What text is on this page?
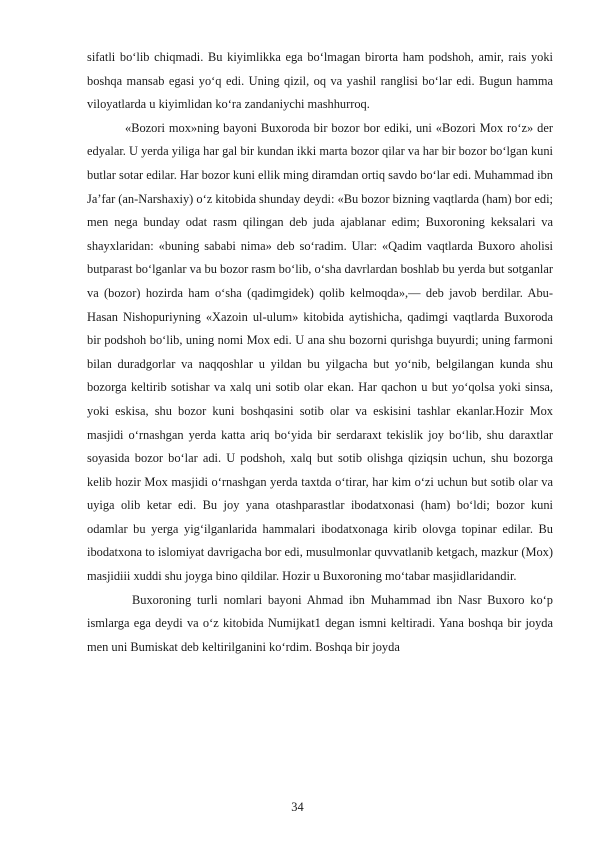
sifatli bo‘lib chiqmadi. Bu kiyimlikka ega bo‘lmagan birorta ham podshoh, amir, rais yoki boshqa mansab egasi yo‘q edi. Uning qizil, oq va yashil ranglisi bo‘lar edi. Bugun hamma viloyatlarda u kiyimlidan ko‘ra zandaniychi mashhurroq.

«Bozori mox»ning bayoni Buxoroda bir bozor bor ediki, uni «Bozori Mox ro‘z» der edyalar. U yerda yiliga har gal bir kundan ikki marta bozor qilar va har bir bozor bo‘lgan kuni butlar sotar edilar. Har bozor kuni ellik ming diramdan ortiq savdo bo‘lar edi. Muhammad ibn Ja’far (an-Narshaxiy) o‘z kitobida shunday deydi: «Bu bozor bizning vaqtlarda (ham) bor edi; men nega bunday odat rasm qilingan deb juda ajablanar edim; Buxoroning keksalari va shayxlaridan: «buning sababi nima» deb so‘radim. Ular: «Qadim vaqtlarda Buxoro aholisi butparast bo‘lganlar va bu bozor rasm bo‘lib, o‘sha davrlardan boshlab bu yerda but sotganlar va (bozor) hozirda ham o‘sha (qadimgidek) qolib kelmoqda»,— deb javob berdilar. Abu-Hasan Nishopuriyning «Xazoin ul-ulum» kitobida aytishicha, qadimgi vaqtlarda Buxoroda bir podshoh bo‘lib, uning nomi Mox edi. U ana shu bozorni qurishga buyurdi; uning farmoni bilan duradgorlar va naqqoshlar u yildan bu yilgacha but yo‘nib, belgilangan kunda shu bozorga keltirib sotishar va xalq uni sotib olar ekan. Har qachon u but yo‘qolsa yoki sinsa, yoki eskisa, shu bozor kuni boshqasini sotib olar va eskisini tashlar ekanlar.Hozir Mox masjidi o‘rnashgan yerda katta ariq bo‘yida bir serdaraxt tekislik joy bo‘lib, shu daraxtlar soyasida bozor bo‘lar adi. U podshoh, xalq but sotib olishga qiziqsin uchun, shu bozorga kelib hozir Mox masjidi o‘rnashgan yerda taxtda o‘tirar, har kim o‘zi uchun but sotib olar va uyiga olib ketar edi. Bu joy yana otashparastlar ibodatxonasi (ham) bo‘ldi; bozor kuni odamlar bu yerga yig‘ilganlarida hammalari ibodatxonaga kirib olovga topinar edilar. Bu ibodatxona to islomiyat davrigacha bor edi, musulmonlar quvvatlanib ketgach, mazkur (Mox) masjidiii xuddi shu joyga bino qildilar. Hozir u Buxoroning mo‘tabar masjidlaridandir.

Buxoroning turli nomlari bayoni Ahmad ibn Muhammad ibn Nasr Buxoro ko‘p ismlarga ega deydi va o‘z kitobida Numijkat1 degan ismni keltiradi. Yana boshqa bir joyda men uni Bumiskat deb keltirilganini ko‘rdim. Boshqa bir joyda

34
